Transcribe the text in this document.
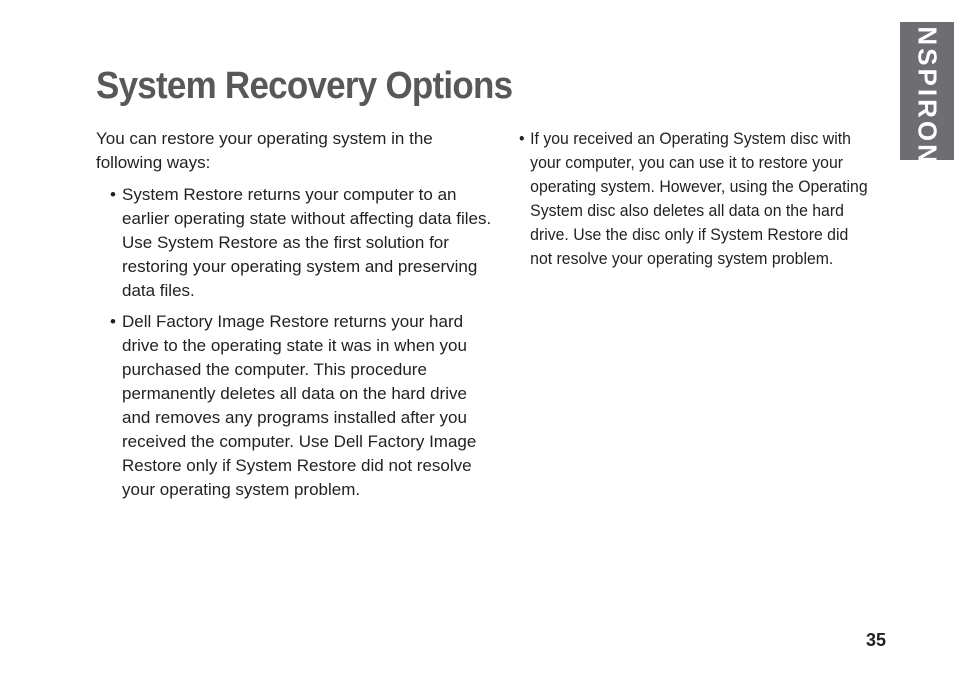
System Recovery Options	INSPIRON

You can restore your operating system in the following ways:

• System Restore returns your computer to an earlier operating state without affecting data files. Use System Restore as the first solution for restoring your operating system and preserving data files.
• Dell Factory Image Restore returns your hard drive to the operating state it was in when you purchased the computer. This procedure permanently deletes all data on the hard drive and removes any programs installed after you received the computer. Use Dell Factory Image Restore only if System Restore did not resolve your operating system problem.
• If you received an Operating System disc with your computer, you can use it to restore your operating system. However, using the Operating System disc also deletes all data on the hard drive. Use the disc only if System Restore did not resolve your operating system problem.
35
